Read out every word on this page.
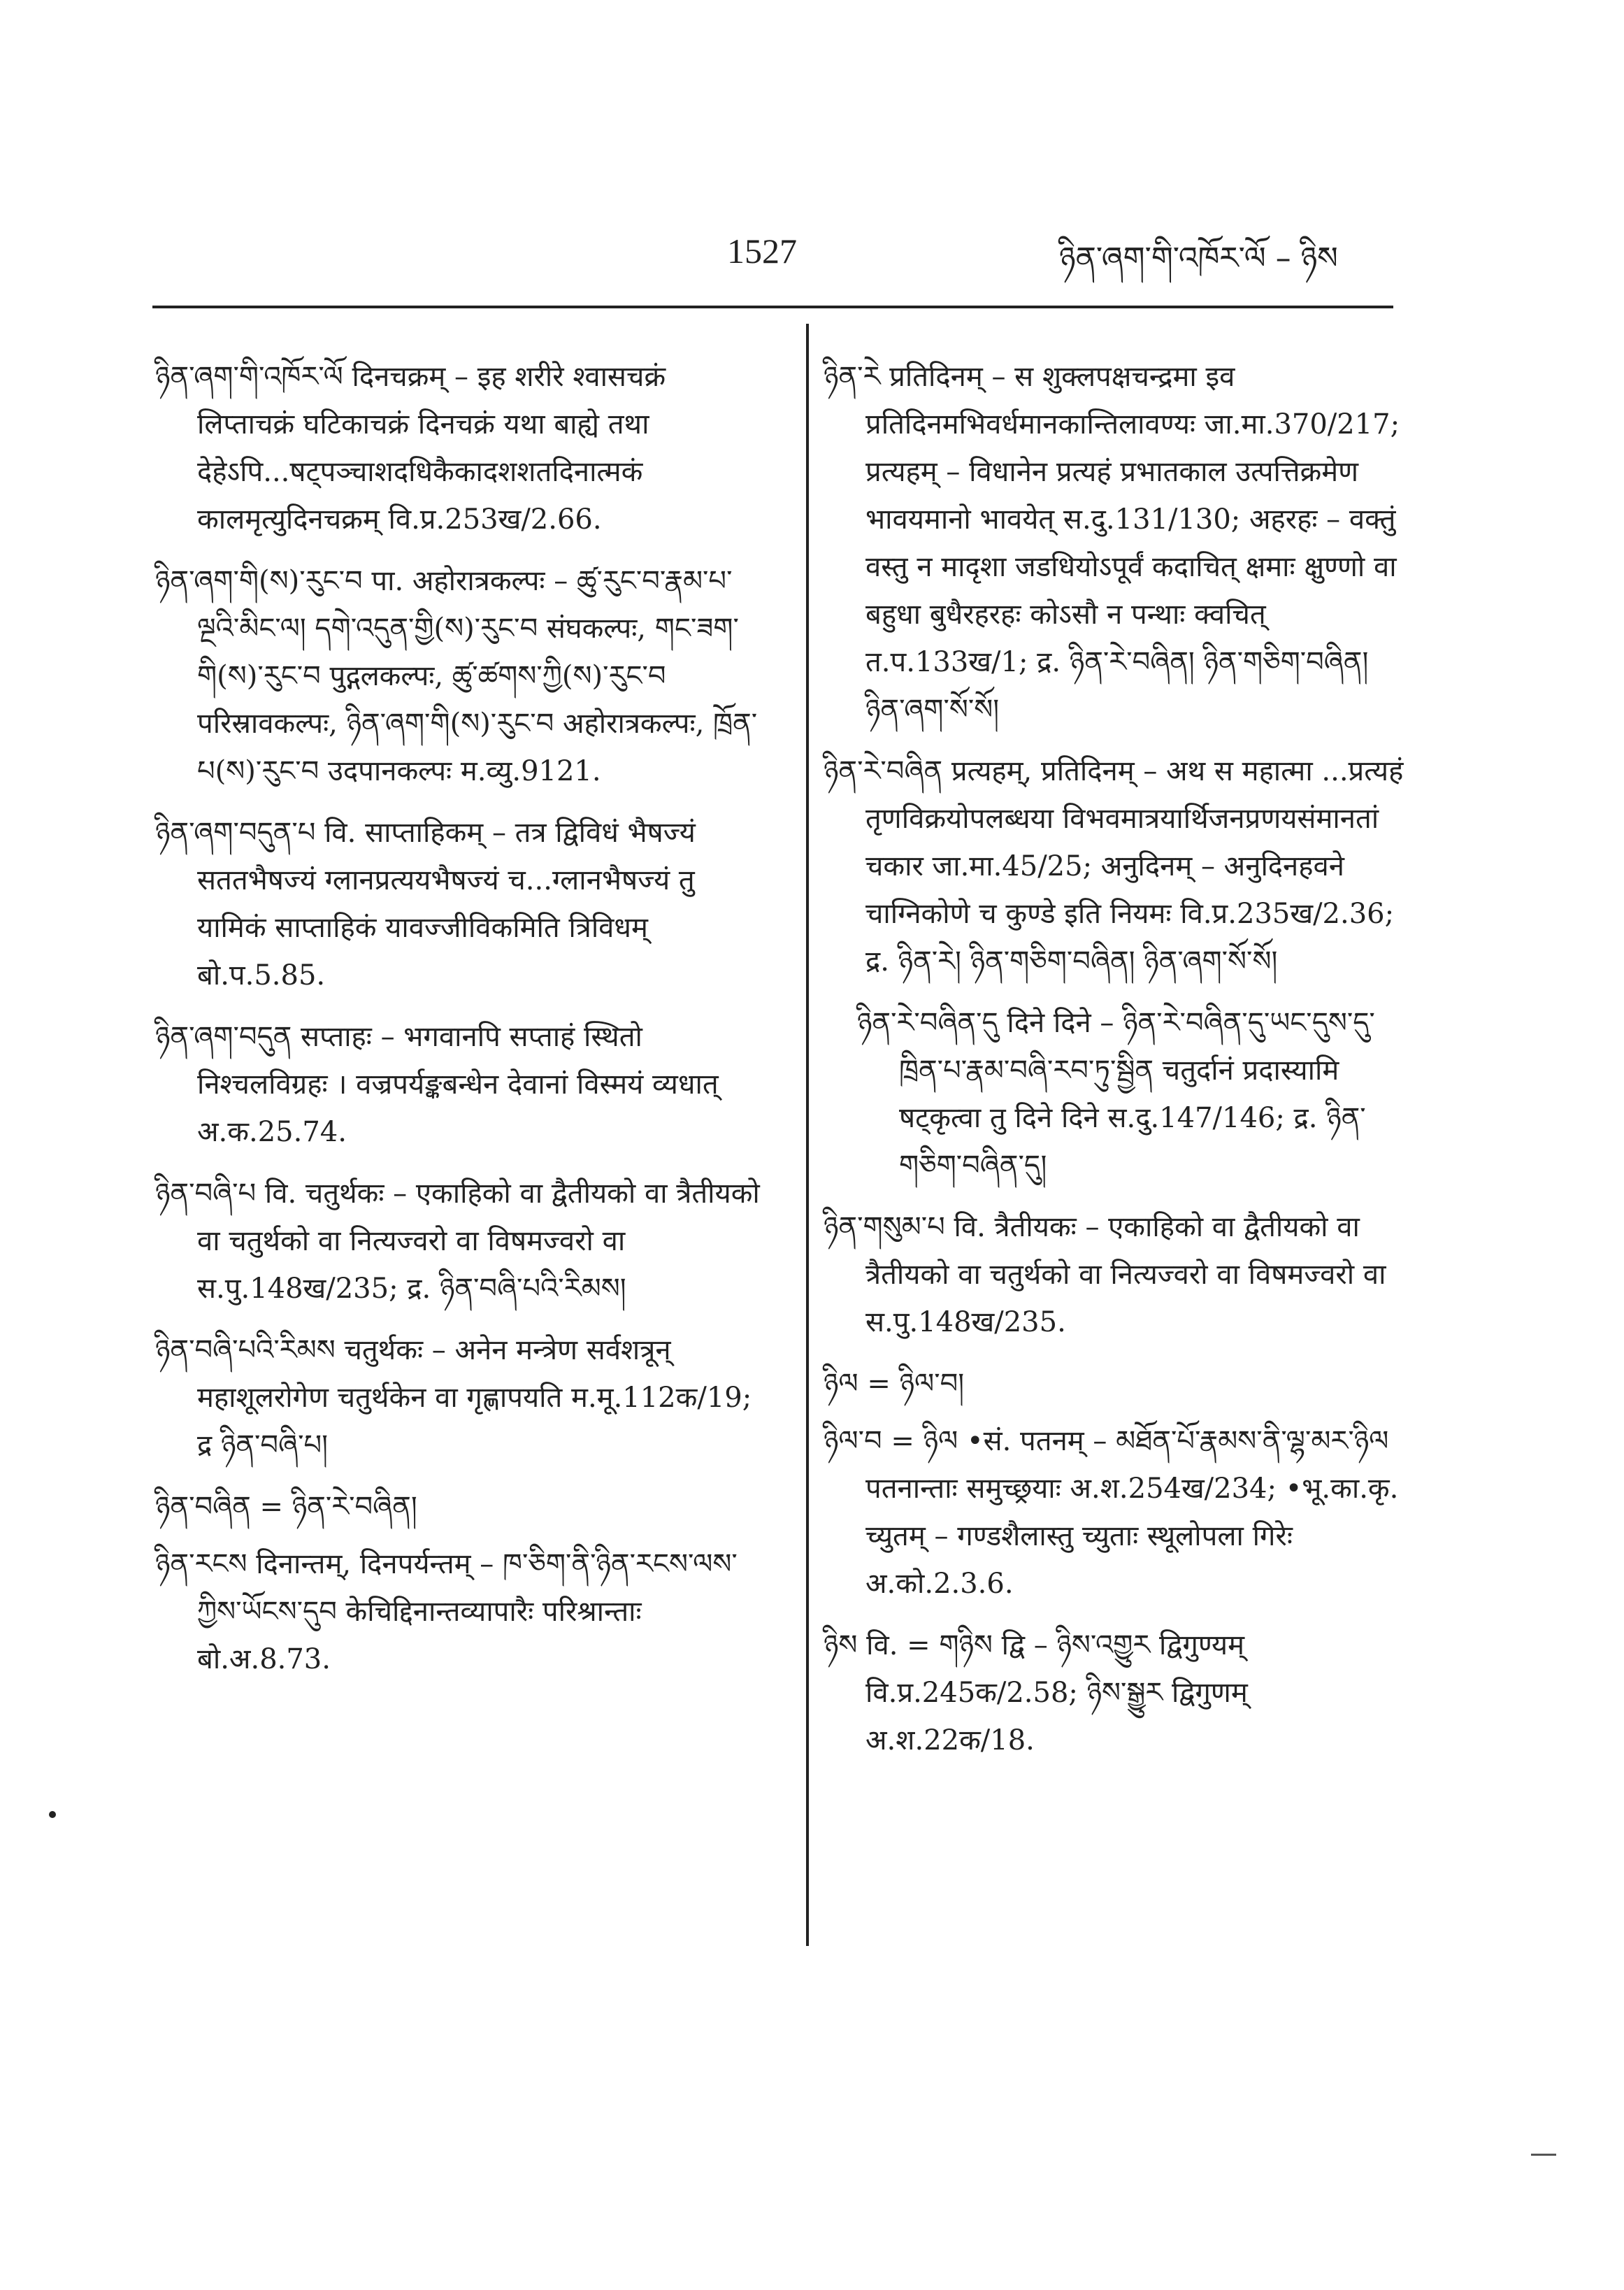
1527	ཉིན་ཞག་གི་འཁོར་ལོ – ཉིས

ཉིན་ཞག་གི་འཁོར་ལོ दिनचक्रम् – इह शरीरे श्वासचक्रं लिप्ताचक्रं घटिकाचक्रं दिनचक्रं यथा बाह्ये तथा देहेऽपि...षट्पञ्चाशदधिकैकादशशतदिनात्मकं कालमृत्युदिनचक्रम् वि.प्र.253ख/2.66.

ཉིན་ཞག་གི(ས)་རུང་བ पा. अहोरात्रकल्पः – ཚུ་རུང་བ་རྣམ་པ་ལྔའི་མིང་ལ། དགེ་འདུན་གྱི(ས)་རུང་བ संघकल्पः, གང་ཟག་གི(ས)་རུང་བ पुद्गलकल्पः, ཚུ་ཚགས་ཀྱི(ས)་རུང་བ परिस्रावकल्पः, ཉིན་ཞག་གི(ས)་རུང་བ अहोरात्रकल्पः, ཁྲོན་པ(ས)་རུང་བ उदपानकल्पः म.व्यु.9121.

ཉིན་ཞག་བདུན་པ वि. साप्ताहिकम् – तत्र द्विविधं भैषज्यं सततभैषज्यं ग्लानप्रत्ययभैषज्यं च...ग्लानभैषज्यं तु यामिकं साप्ताहिकं यावज्जीविकमिति त्रिविधम् बो.प.5.85.

ཉིན་ཞག་བདུན सप्ताहः – भगवानपि सप्ताहं स्थितो निश्चलविग्रहः । वज्रपर्यङ्कबन्धेन देवानां विस्मयं व्यधात् अ.क.25.74.

ཉིན་བཞི་པ वि. चतुर्थकः – एकाहिको वा द्वैतीयको वा त्रैतीयको वा चतुर्थको वा नित्यज्वरो वा विषमज्वरो वा स.पु.148ख/235; द्र. ཉིན་བཞི་པའི་རིམས།

ཉིན་བཞི་པའི་རིམས चतुर्थकः – अनेन मन्त्रेण सर्वशत्रून् महाशूलरोगेण चतुर्थकेन वा गृह्णापयति म.मू.112क/19; द्र ཉིན་བཞི་པ།

ཉིན་བཞིན = ཉིན་རེ་བཞིན།

ཉིན་རངས दिनान्तम्, दिनपर्यन्तम् – ཁ་ཅིག་ནི་ཉིན་རངས་ལས་ཀྱིས་ཡོངས་དུབ केचिद्दिनान्तव्यापारैः परिश्रान्ताः बो.अ.8.73.

ཉིན་རེ प्रतिदिनम् – स शुक्लपक्षचन्द्रमा इव प्रतिदिनमभिवर्धमानकान्तिलावण्यः जा.मा.370/217; प्रत्यहम् – विधानेन प्रत्यहं प्रभातकाल उत्पत्तिक्रमेण भावयमानो भावयेत् स.दु.131/130; अहरहः – वक्तुं वस्तु न मादृशा जडधियोऽपूर्वं कदाचित् क्षमाः क्षुण्णो वा बहुधा बुधैरहरहः कोऽसौ न पन्थाः क्वचित् त.प.133ख/1; द्र. ཉིན་རེ་བཞིན། ཉིན་གཅིག་བཞིན། ཉིན་ཞག་སོ་སོ།

ཉིན་རེ་བཞིན प्रत्यहम्, प्रतिदिनम् – अथ स महात्मा ...प्रत्यहं तृणविक्रयोपलब्धया विभवमात्रयार्थिजनप्रणयसंमानतां चकार जा.मा.45/25; अनुदिनम् – अनुदिनहवने चाग्निकोणे च कुण्डे इति नियमः वि.प्र.235ख/2.36; द्र. ཉིན་རེ། ཉིན་གཅིག་བཞིན། ཉིན་ཞག་སོ་སོ།

ཉིན་རེ་བཞིན་དུ दिने दिने – ཉིན་རེ་བཞིན་དུ་ཡང་དུས་དུ་ཁྲིན་པ་རྣམ་བཞི་རབ་ཏུ་སྦྱིན चतुर्दानं प्रदास्यामि षट्कृत्वा तु दिने दिने स.दु.147/146; द्र. ཉིན་གཅིག་བཞིན་དུ།

ཉིན་གསུམ་པ वि. त्रैतीयकः – एकाहिको वा द्वैतीयको वा त्रैतीयको वा चतुर्थको वा नित्यज्वरो वा विषमज्वरो वा स.पु.148ख/235.

ཉིལ = ཉིལ་བ།

ཉིལ་བ = ཉིལ •सं. पतनम् – མཐོན་པོ་རྣམས་ནི་ལྷ་མར་ཉིལ पतनान्ताः समुच्छ्रयाः अ.श.254ख/234; •भू.का.कृ. च्युतम् – गण्डशैलास्तु च्युताः स्थूलोपला गिरेः अ.को.2.3.6.

ཉིས वि. = གཉིས द्वि – ཉིས་འགྱུར द्विगुण्यम् वि.प्र.245क/2.58; ཉིས་སྒྱུར द्विगुणम् अ.श.22क/18.
